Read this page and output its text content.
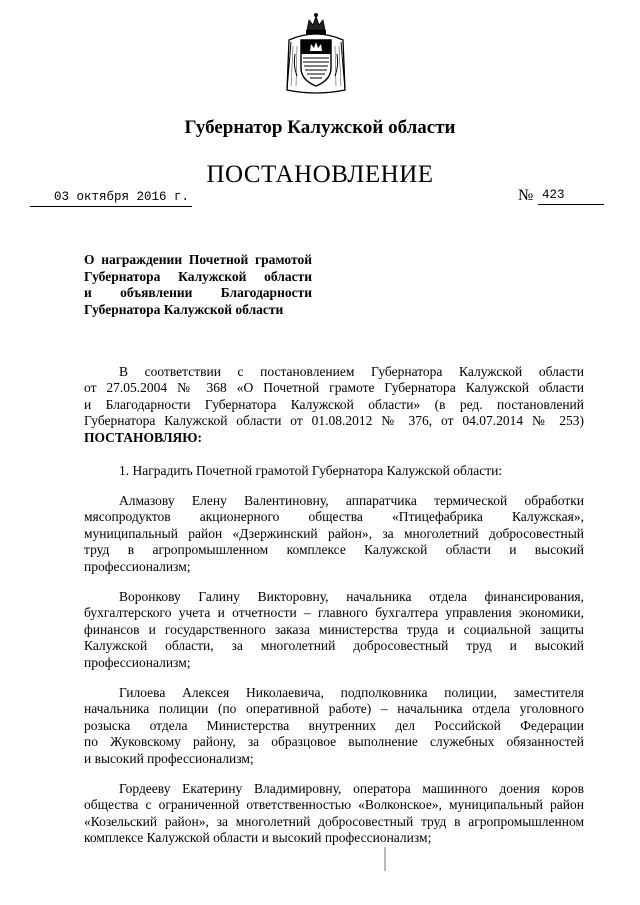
Губернатор Калужской области
ПОСТАНОВЛЕНИЕ
03 октября 2016 г.	№ 423
О награждении Почетной грамотой
Губернатора Калужской области
и объявлении Благодарности
Губернатора Калужской области
В соответствии с постановлением Губернатора Калужской области
от 27.05.2004 № 368 «О Почетной грамоте Губернатора Калужской области
и Благодарности Губернатора Калужской области» (в ред. постановлений
Губернатора Калужской области от 01.08.2012 № 376, от 04.07.2014 № 253)
ПОСТАНОВЛЯЮ:
1. Наградить Почетной грамотой Губернатора Калужской области:
Алмазову Елену Валентиновну, аппаратчика термической обработки
мясопродуктов акционерного общества «Птицефабрика Калужская»,
муниципальный район «Дзержинский район», за многолетний добросовестный
труд в агропромышленном комплексе Калужской области и высокий
профессионализм;
Воронкову Галину Викторовну, начальника отдела финансирования,
бухгалтерского учета и отчетности – главного бухгалтера управления экономики,
финансов и государственного заказа министерства труда и социальной защиты
Калужской области, за многолетний добросовестный труд и высокий
профессионализм;
Гилоева Алексея Николаевича, подполковника полиции, заместителя
начальника полиции (по оперативной работе) – начальника отдела уголовного
розыска отдела Министерства внутренних дел Российской Федерации
по Жуковскому району, за образцовое выполнение служебных обязанностей
и высокий профессионализм;
Гордееву Екатерину Владимировну, оператора машинного доения коров
общества с ограниченной ответственностью «Волконское», муниципальный район
«Козельский район», за многолетний добросовестный труд в агропромышленном
комплексе Калужской области и высокий профессионализм;
